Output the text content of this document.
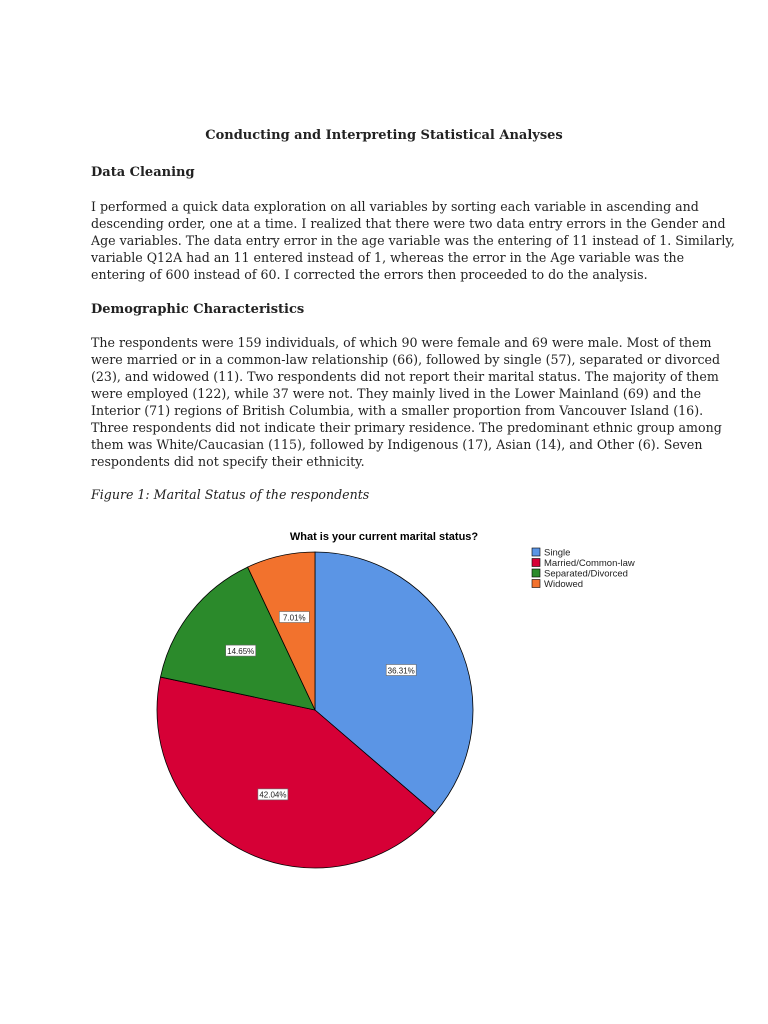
Conducting and Interpreting Statistical Analyses
Data Cleaning

I performed a quick data exploration on all variables by sorting each variable in ascending and
descending order, one at a time. I realized that there were two data entry errors in the Gender and
Age variables. The data entry error in the age variable was the entering of 11 instead of 1. Similarly,
variable Q12A had an 11 entered instead of 1, whereas the error in the Age variable was the
entering of 600 instead of 60. I corrected the errors then proceeded to do the analysis.

Demographic Characteristics

The respondents were 159 individuals, of which 90 were female and 69 were male. Most of them
were married or in a common-law relationship (66), followed by single (57), separated or divorced
(23), and widowed (11). Two respondents did not report their marital status. The majority of them
were employed (122), while 37 were not. They mainly lived in the Lower Mainland (69) and the
Interior (71) regions of British Columbia, with a smaller proportion from Vancouver Island (16).
Three respondents did not indicate their primary residence. The predominant ethnic group among
them was White/Caucasian (115), followed by Indigenous (17), Asian (14), and Other (6). Seven
respondents did not specify their ethnicity.

Figure 1: Marital Status of the respondents

What is your current marital status?
36.31%
42.04%
14.65%
7.01%
Single
Married/Common-law
Separated/Divorced
Widowed
